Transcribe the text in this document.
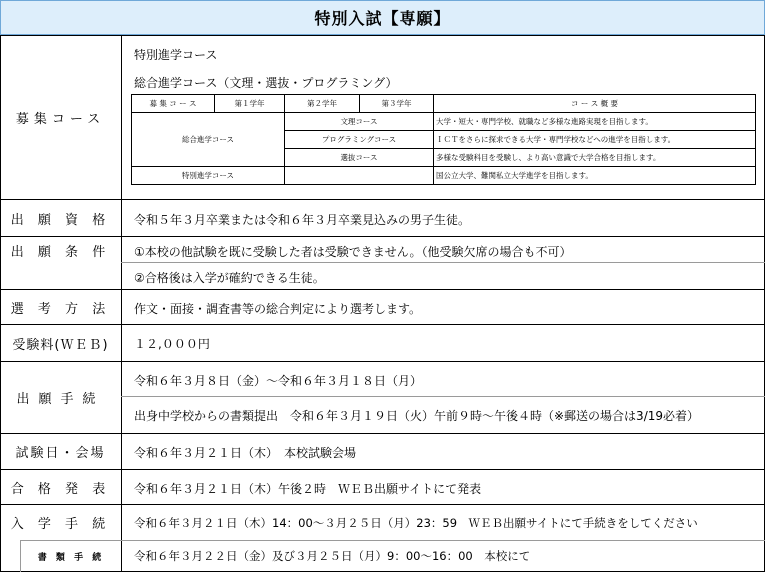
特別入試【専願】
募集コース
特別進学コース
総合進学コース（文理・選抜・プログラミング）
募 集 コ ー ス	第１学年	第２学年	第３学年	コ ー ス 概 要
総合進学コース		文理コース		大学・短大・専門学校、就職など多様な進路実現を目指します。
		プログラミングコース		ＩＣＴをさらに探求できる大学・専門学校などへの進学を目指します。
		選抜コース		多様な受験科目を受験し、より高い意識で大学合格を目指します。
特別進学コース				国公立大学、難関私立大学進学を目指します。
出 願 資 格	令和５年３月卒業または令和６年３月卒業見込みの男子生徒。
出 願 条 件	①本校の他試験を既に受験した者は受験できません。（他受験欠席の場合も不可）
②合格後は入学が確約できる生徒。
選 考 方 法	作文・面接・調査書等の総合判定により選考します。
受験料(ＷＥＢ)	１２,０００円
出願手続
令和６年３月８日（金）～令和６年３月１８日（月）
出身中学校からの書類提出　令和６年３月１９日（火）午前９時～午後４時（※郵送の場合は3/19必着）
試験日・会場	令和６年３月２１日（木）　本校試験会場
合 格 発 表	令和６年３月２１日（木）午後２時　ＷＥＢ出願サイトにて発表
入 学 手 続	令和６年３月２１日（木）14：00～３月２５日（月）23：59　ＷＥＢ出願サイトにて手続きをしてください
書 類 手 続	令和６年３月２２日（金）及び３月２５日（月）9：00～16：00　本校にて
